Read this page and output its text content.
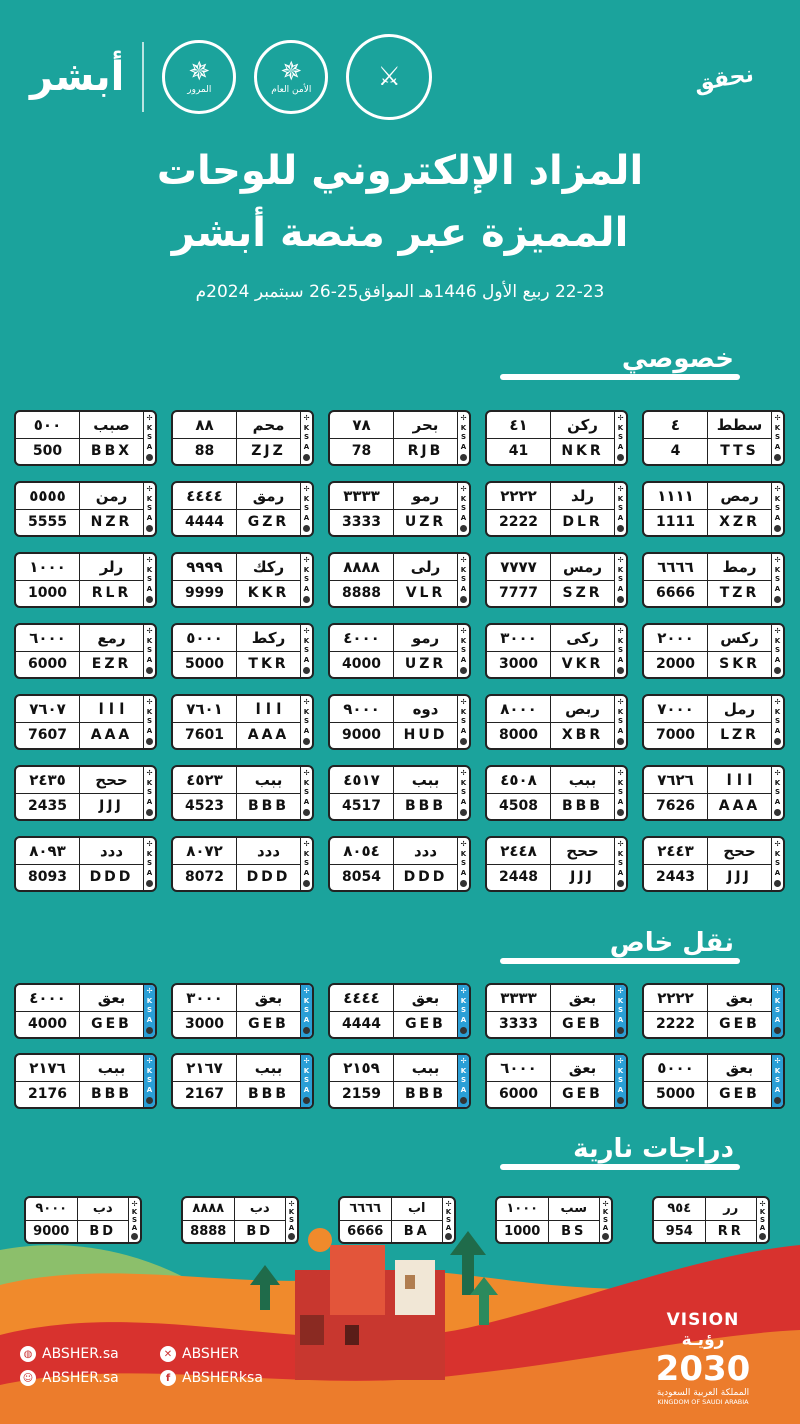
أبشر ✵
المرور
✵
الأمن العام	⚔	نحقق
المزاد الإلكتروني للوحات
المميزة عبر منصة أبشر
22-23 ربيع الأول 1446هـ الموافق25-26 سبتمبر 2024م
خصوصي
٤	سطط
4	TTS
✢
K
S
A
٤١	ركن
41	NKR
✢
K
S
A
٧٨	بحر
78	RJB
✢
K
S
A
٨٨	محم
88	ZJZ
✢
K
S
A
٥٠٠	صبب
500	BBX
✢
K
S
A
١١١١	رمص
1111	XZR
✢
K
S
A
٢٢٢٢	رلد
2222	DLR
✢
K
S
A
٣٣٣٣	رمو
3333	UZR
✢
K
S
A
٤٤٤٤	رمق
4444	GZR
✢
K
S
A
٥٥٥٥	رمن
5555	NZR
✢
K
S
A
٦٦٦٦	رمط
6666	TZR
✢
K
S
A
٧٧٧٧	رمس
7777	SZR
✢
K
S
A
٨٨٨٨	رلى
8888	VLR
✢
K
S
A
٩٩٩٩	ركك
9999	KKR
✢
K
S
A
١٠٠٠	رلر
1000	RLR
✢
K
S
A
٢٠٠٠	ركس
2000	SKR
✢
K
S
A
٣٠٠٠	ركى
3000	VKR
✢
K
S
A
٤٠٠٠	رمو
4000	UZR
✢
K
S
A
٥٠٠٠	ركط
5000	TKR
✢
K
S
A
٦٠٠٠	رمع
6000	EZR
✢
K
S
A
٧٠٠٠	رمل
7000	LZR
✢
K
S
A
٨٠٠٠	ربص
8000	XBR
✢
K
S
A
٩٠٠٠	دوه
9000	HUD
✢
K
S
A
٧٦٠١	ا ا ا
7601	AAA
✢
K
S
A
٧٦٠٧	ا ا ا
7607	AAA
✢
K
S
A
٧٦٢٦	ا ا ا
7626	AAA
✢
K
S
A
٤٥٠٨	ببب
4508	BBB
✢
K
S
A
٤٥١٧	ببب
4517	BBB
✢
K
S
A
٤٥٢٣	ببب
4523	BBB
✢
K
S
A
٢٤٣٥	ححح
2435	JJJ
✢
K
S
A
٢٤٤٣	ححح
2443	JJJ
✢
K
S
A
٢٤٤٨	ححح
2448	JJJ
✢
K
S
A
٨٠٥٤	ددد
8054	DDD
✢
K
S
A
٨٠٧٢	ددد
8072	DDD
✢
K
S
A
٨٠٩٣	ددد
8093	DDD
✢
K
S
A
نقل خاص
٢٢٢٢	بعق
2222	GEB
✢
K
S
A
٣٣٣٣	بعق
3333	GEB
✢
K
S
A
٤٤٤٤	بعق
4444	GEB
✢
K
S
A
٣٠٠٠	بعق
3000	GEB
✢
K
S
A
٤٠٠٠	بعق
4000	GEB
✢
K
S
A
٥٠٠٠	بعق
5000	GEB
✢
K
S
A
٦٠٠٠	بعق
6000	GEB
✢
K
S
A
٢١٥٩	ببب
2159	BBB
✢
K
S
A
٢١٦٧	ببب
2167	BBB
✢
K
S
A
٢١٧٦	ببب
2176	BBB
✢
K
S
A
دراجات نارية
٩٥٤	رر
954	RR
✢
K
S
A
١٠٠٠	سب
1000	BS
✢
K
S
A
٦٦٦٦	اب
6666	BA
✢
K
S
A
٨٨٨٨	دب
8888	BD
✢
K
S
A
٩٠٠٠	دب
9000	BD
✢
K
S
A
◍ ABSHER.sa	✕ ABSHER
☺ ABSHER.sa	f ABSHERksa
VISION رؤيـة
2030
المملكة العربية السعودية
KINGDOM OF SAUDI ARABIA
